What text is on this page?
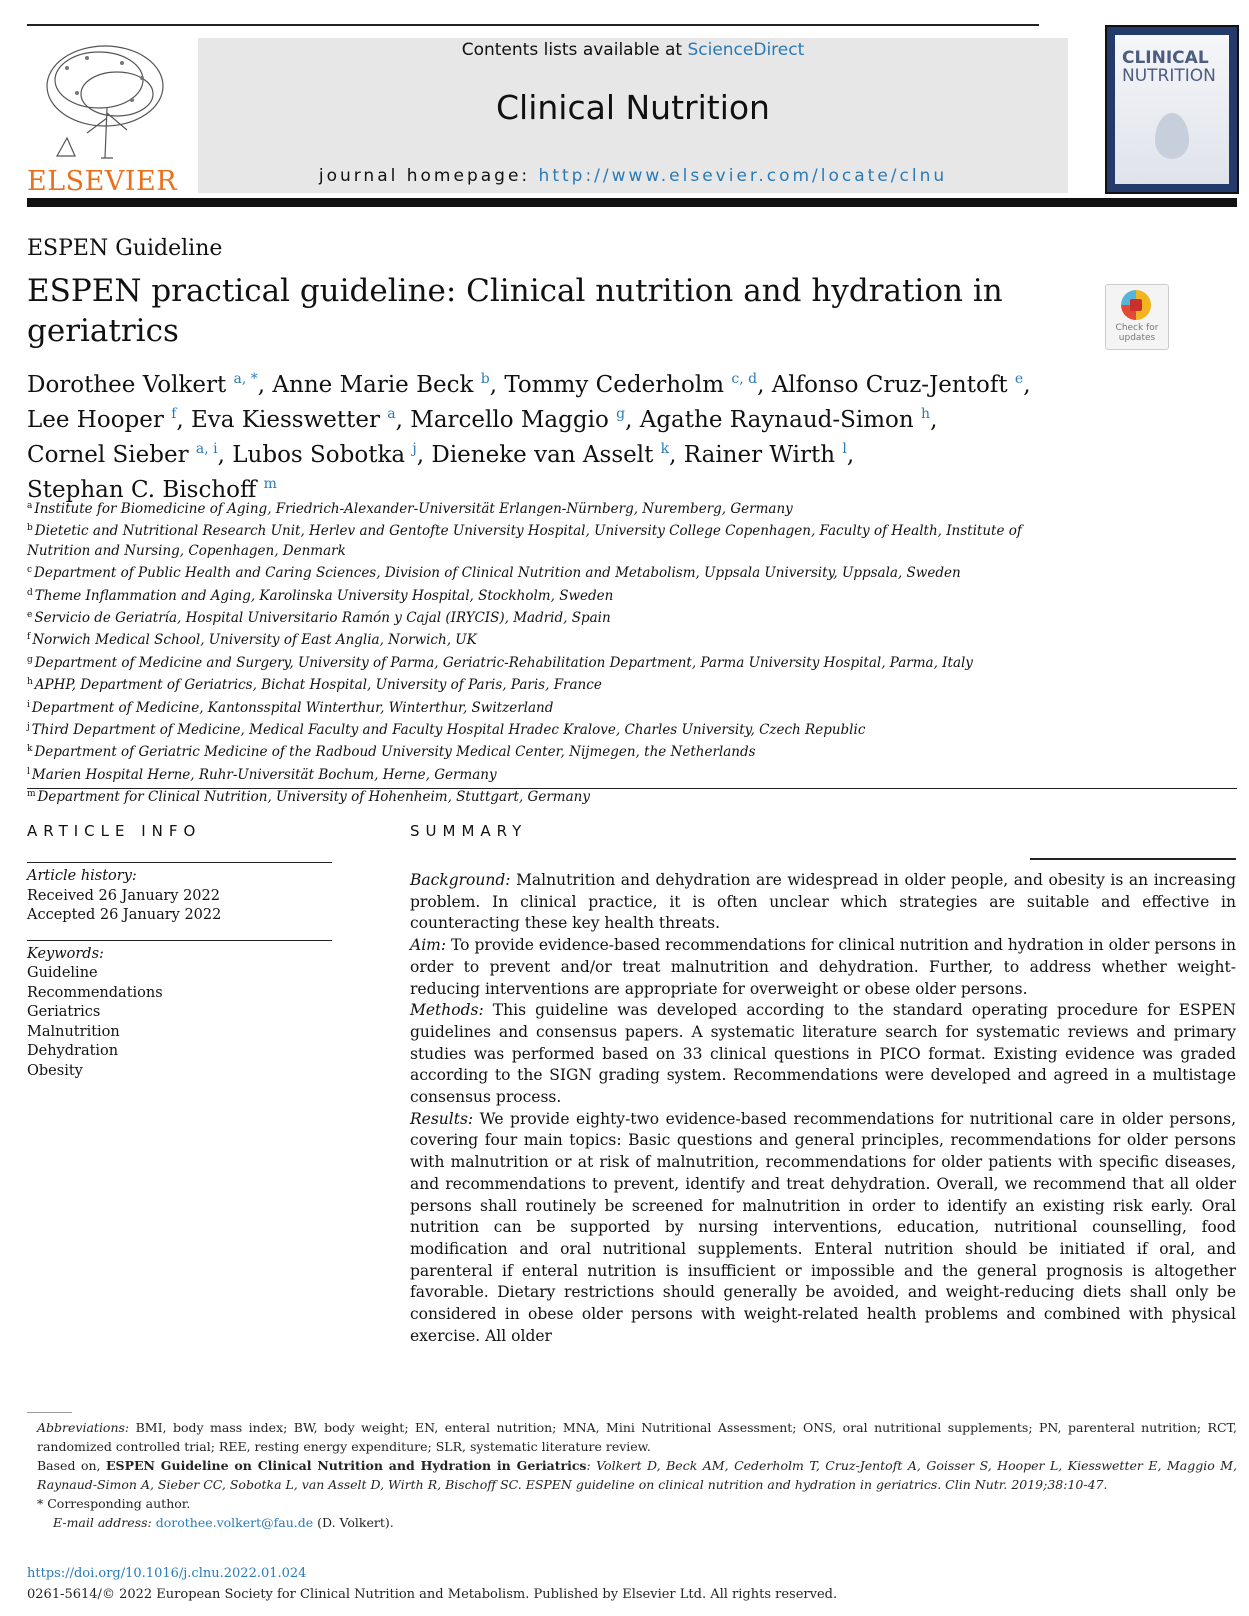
ELSEVIER
Contents lists available at ScienceDirect
Clinical Nutrition
journal homepage: http://www.elsevier.com/locate/clnu
CLINICAL
NUTRITION
ESPEN Guideline
ESPEN practical guideline: Clinical nutrition and hydration in geriatrics	Check for updates
Dorothee Volkert $^{a, *}$, Anne Marie Beck $^b$, Tommy Cederholm $^{c, d}$, Alfonso Cruz-Jentoft $^e$,
Lee Hooper $^f$, Eva Kiesswetter $^a$, Marcello Maggio $^g$, Agathe Raynaud-Simon $^h$,
Cornel Sieber $^{a, i}$, Lubos Sobotka $^j$, Dieneke van Asselt $^k$, Rainer Wirth $^l$,
Stephan C. Bischoff $^m$
$^a$ Institute for Biomedicine of Aging, Friedrich-Alexander-Universität Erlangen-Nürnberg, Nuremberg, Germany
$^b$ Dietetic and Nutritional Research Unit, Herlev and Gentofte University Hospital, University College Copenhagen, Faculty of Health, Institute of Nutrition and Nursing, Copenhagen, Denmark
$^c$ Department of Public Health and Caring Sciences, Division of Clinical Nutrition and Metabolism, Uppsala University, Uppsala, Sweden
$^d$ Theme Inflammation and Aging, Karolinska University Hospital, Stockholm, Sweden
$^e$ Servicio de Geriatría, Hospital Universitario Ramón y Cajal (IRYCIS), Madrid, Spain
$^f$ Norwich Medical School, University of East Anglia, Norwich, UK
$^g$ Department of Medicine and Surgery, University of Parma, Geriatric-Rehabilitation Department, Parma University Hospital, Parma, Italy
$^h$ APHP, Department of Geriatrics, Bichat Hospital, University of Paris, Paris, France
$^i$ Department of Medicine, Kantonsspital Winterthur, Winterthur, Switzerland
$^j$ Third Department of Medicine, Medical Faculty and Faculty Hospital Hradec Kralove, Charles University, Czech Republic
$^k$ Department of Geriatric Medicine of the Radboud University Medical Center, Nijmegen, the Netherlands
$^l$ Marien Hospital Herne, Ruhr-Universität Bochum, Herne, Germany
$^m$ Department for Clinical Nutrition, University of Hohenheim, Stuttgart, Germany
ARTICLE INFO
Article history:
Received 26 January 2022
Accepted 26 January 2022
Keywords:
Guideline
Recommendations
Geriatrics
Malnutrition
Dehydration
Obesity
SUMMARY

Background: Malnutrition and dehydration are widespread in older people, and obesity is an increasing problem. In clinical practice, it is often unclear which strategies are suitable and effective in counteracting these key health threats.

Aim: To provide evidence-based recommendations for clinical nutrition and hydration in older persons in order to prevent and/or treat malnutrition and dehydration. Further, to address whether weight-reducing interventions are appropriate for overweight or obese older persons.

Methods: This guideline was developed according to the standard operating procedure for ESPEN guidelines and consensus papers. A systematic literature search for systematic reviews and primary studies was performed based on 33 clinical questions in PICO format. Existing evidence was graded according to the SIGN grading system. Recommendations were developed and agreed in a multistage consensus process.

Results: We provide eighty-two evidence-based recommendations for nutritional care in older persons, covering four main topics: Basic questions and general principles, recommendations for older persons with malnutrition or at risk of malnutrition, recommendations for older patients with specific diseases, and recommendations to prevent, identify and treat dehydration. Overall, we recommend that all older persons shall routinely be screened for malnutrition in order to identify an existing risk early. Oral nutrition can be supported by nursing interventions, education, nutritional counselling, food modification and oral nutritional supplements. Enteral nutrition should be initiated if oral, and parenteral if enteral nutrition is insufficient or impossible and the general prognosis is altogether favorable. Dietary restrictions should generally be avoided, and weight-reducing diets shall only be considered in obese older persons with weight-related health problems and combined with physical exercise. All older

Abbreviations: BMI, body mass index; BW, body weight; EN, enteral nutrition; MNA, Mini Nutritional Assessment; ONS, oral nutritional supplements; PN, parenteral nutrition; RCT, randomized controlled trial; REE, resting energy expenditure; SLR, systematic literature review.

Based on, ESPEN Guideline on Clinical Nutrition and Hydration in Geriatrics: Volkert D, Beck AM, Cederholm T, Cruz-Jentoft A, Goisser S, Hooper L, Kiesswetter E, Maggio M, Raynaud-Simon A, Sieber CC, Sobotka L, van Asselt D, Wirth R, Bischoff SC. ESPEN guideline on clinical nutrition and hydration in geriatrics. Clin Nutr. 2019;38:10-47.

* Corresponding author.

E-mail address: dorothee.volkert@fau.de (D. Volkert).

https://doi.org/10.1016/j.clnu.2022.01.024
0261-5614/© 2022 European Society for Clinical Nutrition and Metabolism. Published by Elsevier Ltd. All rights reserved.
